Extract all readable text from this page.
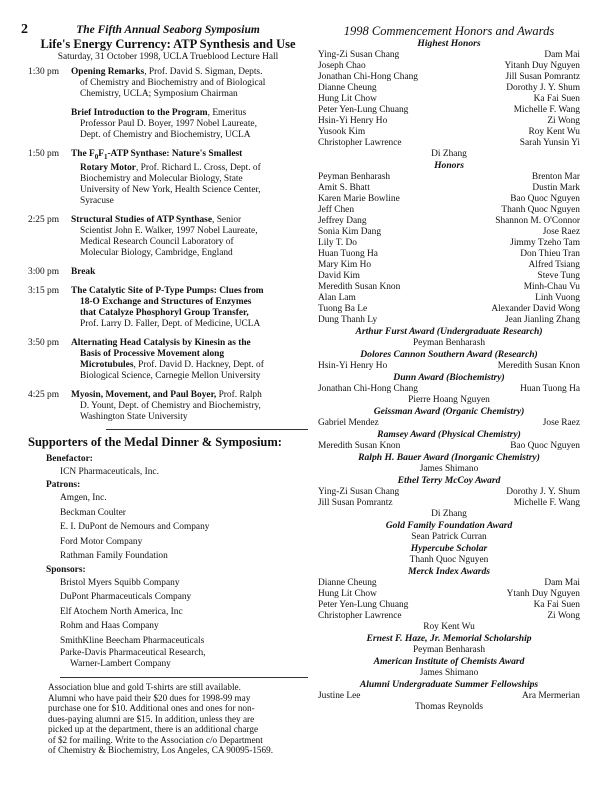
2	The Fifth Annual Seaborg Symposium
Life's Energy Currency: ATP Synthesis and Use
Saturday, 31 October 1998, UCLA Trueblood Lecture Hall
1:30 pm	Opening Remarks, Prof. David S. Sigman, Depts.
of Chemistry and Biochemistry and of Biological
Chemistry, UCLA; Symposium Chairman
Brief Introduction to the Program, Emeritus
Professor Paul D. Boyer, 1997 Nobel Laureate,
Dept. of Chemistry and Biochemistry, UCLA
1:50 pm	The $F_0F_1$-ATP Synthase: Nature's Smallest
Rotary Motor, Prof. Richard L. Cross, Dept. of
Biochemistry and Molecular Biology, State
University of New York, Health Science Center,
Syracuse
2:25 pm	Structural Studies of ATP Synthase, Senior
Scientist John E. Walker, 1997 Nobel Laureate,
Medical Research Council Laboratory of
Molecular Biology, Cambridge, England
3:00 pm	Break
3:15 pm	The Catalytic Site of P-Type Pumps: Clues from
18-O Exchange and Structures of Enzymes
that Catalyze Phosphoryl Group Transfer,
Prof. Larry D. Faller, Dept. of Medicine, UCLA
3:50 pm	Alternating Head Catalysis by Kinesin as the
Basis of Processive Movement along
Microtubules, Prof. David D. Hackney, Dept. of
Biological Science, Carnegie Mellon University
4:25 pm	Myosin, Movement, and Paul Boyer, Prof. Ralph
D. Yount, Dept. of Chemistry and Biochemistry,
Washington State University
Supporters of the Medal Dinner & Symposium:
Benefactor:
ICN Pharmaceuticals, Inc.
Patrons:
Amgen, Inc.
Beckman Coulter
E. I. DuPont de Nemours and Company
Ford Motor Company
Rathman Family Foundation
Sponsors:
Bristol Myers Squibb Company
DuPont Pharmaceuticals Company
Elf Atochem North America, Inc
Rohm and Haas Company
SmithKline Beecham Pharmaceuticals
Parke-Davis Pharmaceutical Research,
Warner-Lambert Company
Association blue and gold T-shirts are still available.
Alumni who have paid their $20 dues for 1998-99 may
purchase one for $10. Additional ones and ones for non-
dues-paying alumni are $15. In addition, unless they are
picked up at the department, there is an additional charge
of $2 for mailing. Write to the Association c/o Department
of Chemistry & Biochemistry, Los Angeles, CA 90095-1569.
1998 Commencement Honors and Awards
Highest Honors
Ying-Zi Susan Chang	Dam Mai
Joseph Chao	Yitanh Duy Nguyen
Jonathan Chi-Hong Chang	Jill Susan Pomrantz
Dianne Cheung	Dorothy J. Y. Shum
Hung Lit Chow	Ka Fai Suen
Peter Yen-Lung Chuang	Michelle F. Wang
Hsin-Yi Henry Ho	Zi Wong
Yusook Kim	Roy Kent Wu
Christopher Lawrence	Sarah Yunsin Yi
Di Zhang
Honors
Peyman Benharash	Brenton Mar
Amit S. Bhatt	Dustin Mark
Karen Marie Bowline	Bao Quoc Nguyen
Jeff Chen	Thanh Quoc Nguyen
Jeffrey Dang	Shannon M. O'Connor
Sonia Kim Dang	Jose Raez
Lily T. Do	Jimmy Tzeho Tam
Huan Tuong Ha	Don Thieu Tran
Mary Kim Ho	Alfred Tsiang
David Kim	Steve Tung
Meredith Susan Knon	Minh-Chau Vu
Alan Lam	Linh Vuong
Tuong Ba Le	Alexander David Wong
Dung Thanh Ly	Jean Jianling Zhang
Arthur Furst Award (Undergraduate Research)
Peyman Benharash
Dolores Cannon Southern Award (Research)
Hsin-Yi Henry Ho	Meredith Susan Knon
Dunn Award (Biochemistry)
Jonathan Chi-Hong Chang	Huan Tuong Ha
Pierre Hoang Nguyen
Geissman Award (Organic Chemistry)
Gabriel Mendez	Jose Raez
Ramsey Award (Physical Chemistry)
Meredith Susan Knon	Bao Quoc Nguyen
Ralph H. Bauer Award (Inorganic Chemistry)
James Shimano
Ethel Terry McCoy Award
Ying-Zi Susan Chang	Dorothy J. Y. Shum
Jill Susan Pomrantz	Michelle F. Wang
Di Zhang
Gold Family Foundation Award
Sean Patrick Curran
Hypercube Scholar
Thanh Quoc Nguyen
Merck Index Awards
Dianne Cheung	Dam Mai
Hung Lit Chow	Ytanh Duy Nguyen
Peter Yen-Lung Chuang	Ka Fai Suen
Christopher Lawrence	Zi Wong
Roy Kent Wu
Ernest F. Haze, Jr. Memorial Scholarship
Peyman Benharash
American Institute of Chemists Award
James Shimano
Alumni Undergraduate Summer Fellowships
Justine Lee	Ara Mermerian
Thomas Reynolds
